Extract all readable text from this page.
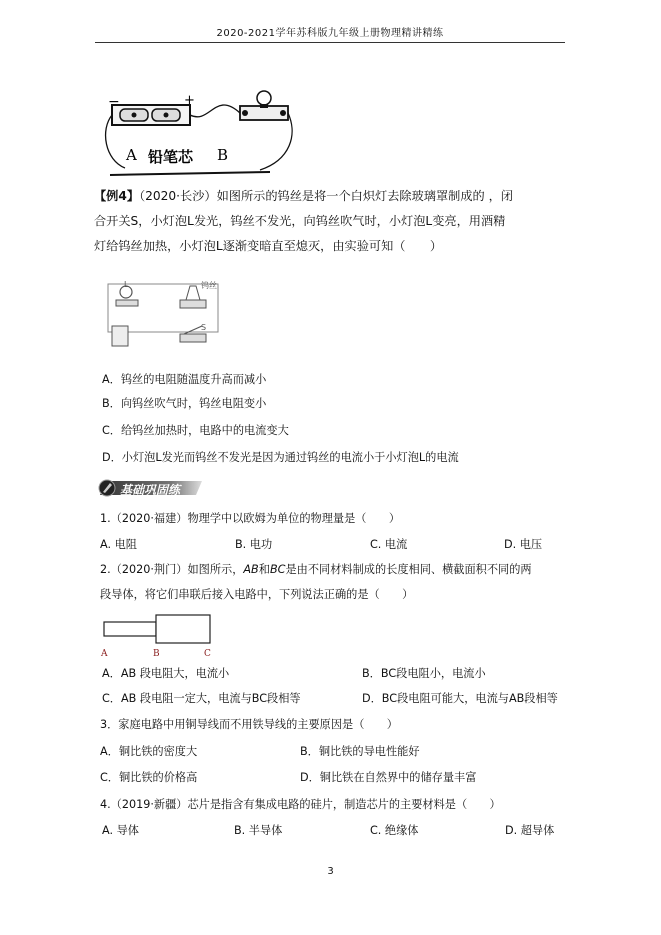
2020-2021学年苏科版九年级上册物理精讲精练
−	+
A 铅笔芯 B
【例4】（2020·长沙）如图所示的钨丝是将一个白炽灯去除玻璃罩制成的 ，闭
合开关S，小灯泡L发光，钨丝不发光，向钨丝吹气时，小灯泡L变亮，用酒精
灯给钨丝加热，小灯泡L逐渐变暗直至熄灭，由实验可知（　　）
L	钨丝
S
A．钨丝的电阻随温度升高而减小
B．向钨丝吹气时，钨丝电阻变小
C．给钨丝加热时，电路中的电流变大
D．小灯泡L发光而钨丝不发光是因为通过钨丝的电流小于小灯泡L的电流
基础巩固练
1.（2020·福建）物理学中以欧姆为单位的物理量是（　　）
A. 电阻	B. 电功	C. 电流	D. 电压
2.（2020·荆门）如图所示，AB和BC是由不同材料制成的长度相同、横截面积不同的两
段导体，将它们串联后接入电路中，下列说法正确的是（　　）
A	B	C
A．AB 段电阻大，电流小	B．BC段电阻小，电流小
C．AB 段电阻一定大，电流与BC段相等	D．BC段电阻可能大，电流与AB段相等
3．家庭电路中用铜导线而不用铁导线的主要原因是（　　）
A．铜比铁的密度大	B．铜比铁的导电性能好
C．铜比铁的价格高	D．铜比铁在自然界中的储存量丰富
4.（2019·新疆）芯片是指含有集成电路的硅片，制造芯片的主要材料是（　　）
A. 导体	B. 半导体	C. 绝缘体	D. 超导体
3
